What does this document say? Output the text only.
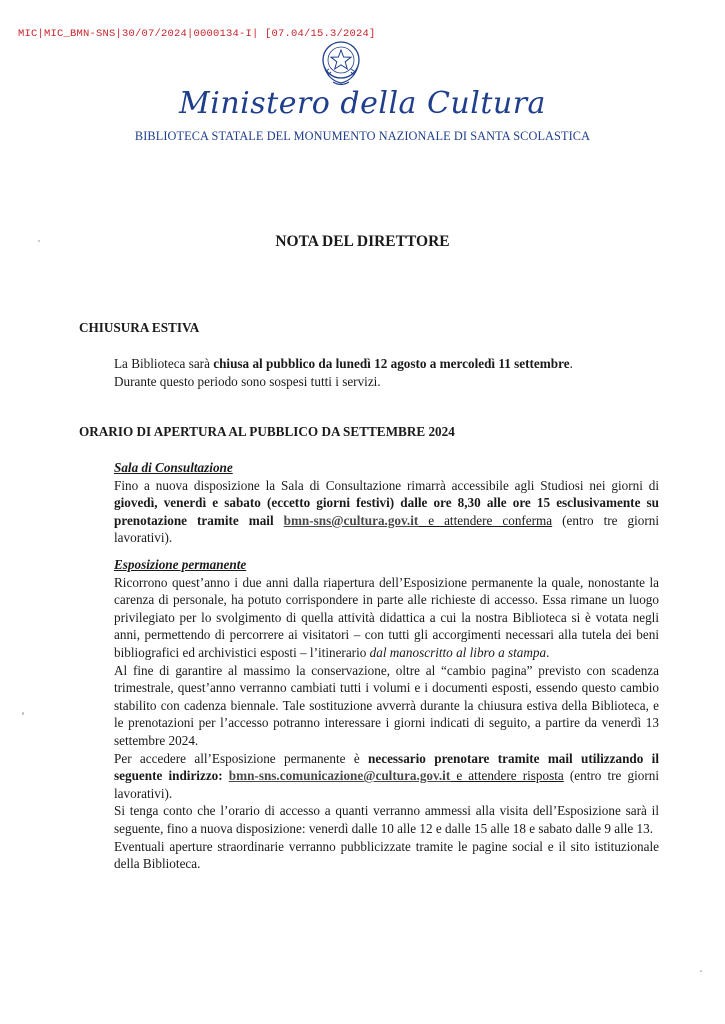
MIC|MIC_BMN-SNS|30/07/2024|0000134-I| [07.04/15.3/2024]
Ministero della Cultura
BIBLIOTECA STATALE DEL MONUMENTO NAZIONALE DI SANTA SCOLASTICA
NOTA DEL DIRETTORE
CHIUSURA ESTIVA

La Biblioteca sarà chiusa al pubblico da lunedì 12 agosto a mercoledì 11 settembre.

Durante questo periodo sono sospesi tutti i servizi.

ORARIO DI APERTURA AL PUBBLICO DA SETTEMBRE 2024

Sala di Consultazione

Fino a nuova disposizione la Sala di Consultazione rimarrà accessibile agli Studiosi nei giorni di giovedì, venerdì e sabato (eccetto giorni festivi) dalle ore 8,30 alle ore 15 esclusivamente su prenotazione tramite mail bmn-sns@cultura.gov.it e attendere conferma (entro tre giorni lavorativi).

Esposizione permanente

Ricorrono quest’anno i due anni dalla riapertura dell’Esposizione permanente la quale, nonostante la carenza di personale, ha potuto corrispondere in parte alle richieste di accesso. Essa rimane un luogo privilegiato per lo svolgimento di quella attività didattica a cui la nostra Biblioteca si è votata negli anni, permettendo di percorrere ai visitatori – con tutti gli accorgimenti necessari alla tutela dei beni bibliografici ed archivistici esposti – l’itinerario dal manoscritto al libro a stampa.

Al fine di garantire al massimo la conservazione, oltre al “cambio pagina” previsto con scadenza trimestrale, quest’anno verranno cambiati tutti i volumi e i documenti esposti, essendo questo cambio stabilito con cadenza biennale. Tale sostituzione avverrà durante la chiusura estiva della Biblioteca, e le prenotazioni per l’accesso potranno interessare i giorni indicati di seguito, a partire da venerdì 13 settembre 2024.

Per accedere all’Esposizione permanente è necessario prenotare tramite mail utilizzando il seguente indirizzo: bmn-sns.comunicazione@cultura.gov.it e attendere risposta (entro tre giorni lavorativi).

Si tenga conto che l’orario di accesso a quanti verranno ammessi alla visita dell’Esposizione sarà il seguente, fino a nuova disposizione: venerdì dalle 10 alle 12 e dalle 15 alle 18 e sabato dalle 9 alle 13.

Eventuali aperture straordinarie verranno pubblicizzate tramite le pagine social e il sito istituzionale della Biblioteca.
